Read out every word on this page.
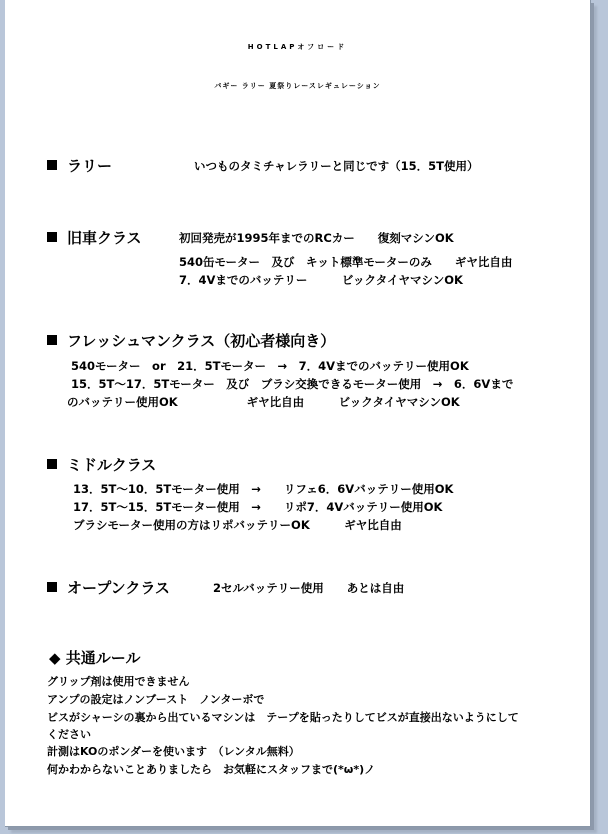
HOTLAPオフロード
バギー ラリー 夏祭りレースレギュレーション
ラリー	いつものタミチャレラリーと同じです（15．5T使用）
旧車クラス	初回発売が1995年までのRCカー　　復刻マシンOK
540缶モーター　及び　キット標準モーターのみ　　ギヤ比自由
7．4Vまでのバッテリー　　　ビックタイヤマシンOK
フレッシュマンクラス（初心者様向き）
540モーター　or　21．5Tモーター　→　7．4Vまでのバッテリー使用OK
15．5T～17．5Tモーター　及び　ブラシ交換できるモーター使用　→　6．6Vまで
のバッテリー使用OK　　　　　　ギヤ比自由　　　ビックタイヤマシンOK
ミドルクラス
13．5T～10．5Tモーター使用　→　　リフェ6．6Vバッテリー使用OK
17．5T～15．5Tモーター使用　→　　リポ7．4Vバッテリー使用OK
ブラシモーター使用の方はリポバッテリーOK　　　ギヤ比自由
オープンクラス	2セルバッテリー使用　　あとは自由
◆ 共通ルール
グリップ剤は使用できません
アンプの設定はノンブースト　ノンターボで
ビスがシャーシの裏から出ているマシンは　テープを貼ったりしてビスが直接出ないようにして
ください
計測はKOのポンダーを使います　（レンタル無料）
何かわからないことありましたら　お気軽にスタッフまで(*ω*)ノ
